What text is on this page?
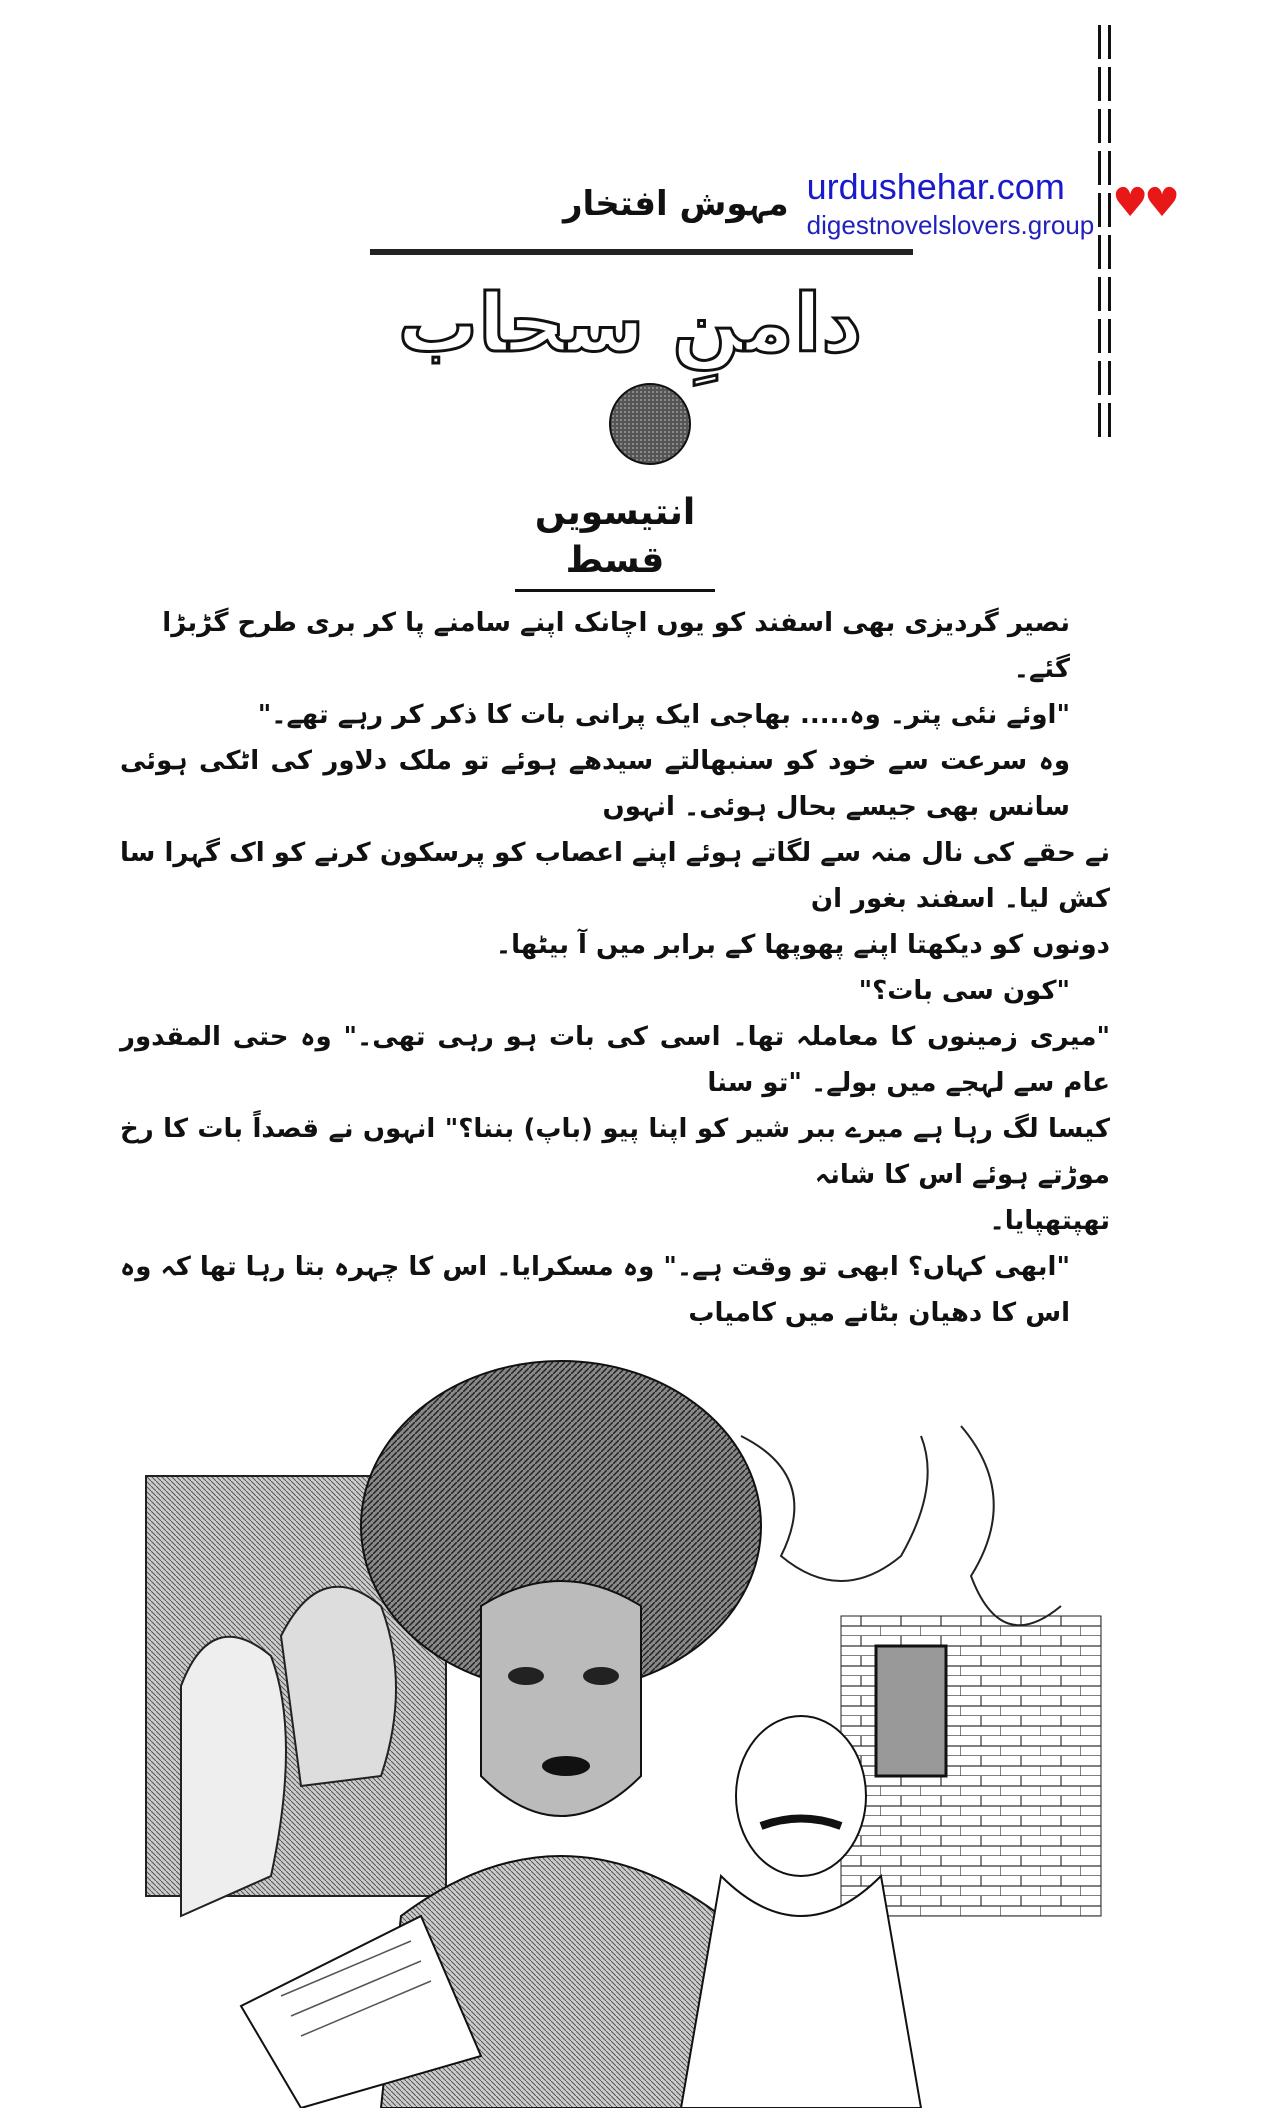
مہوش افتخار urdushehar.com
digestnovelslovers.group ♥♥
دامنِ سحاب
انتیسویں قسط
نصیر گردیزی بھی اسفند کو یوں اچانک اپنے سامنے پا کر بری طرح گڑبڑا گئے۔
"اوئے نئی پتر۔ وہ..... بھاجی ایک پرانی بات کا ذکر کر رہے تھے۔"
وہ سرعت سے خود کو سنبھالتے سیدھے ہوئے تو ملک دلاور کی اٹکی ہوئی سانس بھی جیسے بحال ہوئی۔ انہوں
نے حقے کی نال منہ سے لگاتے ہوئے اپنے اعصاب کو پرسکون کرنے کو اک گہرا سا کش لیا۔ اسفند بغور ان
دونوں کو دیکھتا اپنے پھوپھا کے برابر میں آ بیٹھا۔
"کون سی بات؟"
"میری زمینوں کا معاملہ تھا۔ اسی کی بات ہو رہی تھی۔" وہ حتی المقدور عام سے لہجے میں بولے۔ "تو سنا
کیسا لگ رہا ہے میرے ببر شیر کو اپنا پیو (باپ) بننا؟" انہوں نے قصداً بات کا رخ موڑتے ہوئے اس کا شانہ
تھپتھپایا۔
"ابھی کہاں؟ ابھی تو وقت ہے۔" وہ مسکرایا۔ اس کا چہرہ بتا رہا تھا کہ وہ اس کا دھیان بٹانے میں کامیاب
